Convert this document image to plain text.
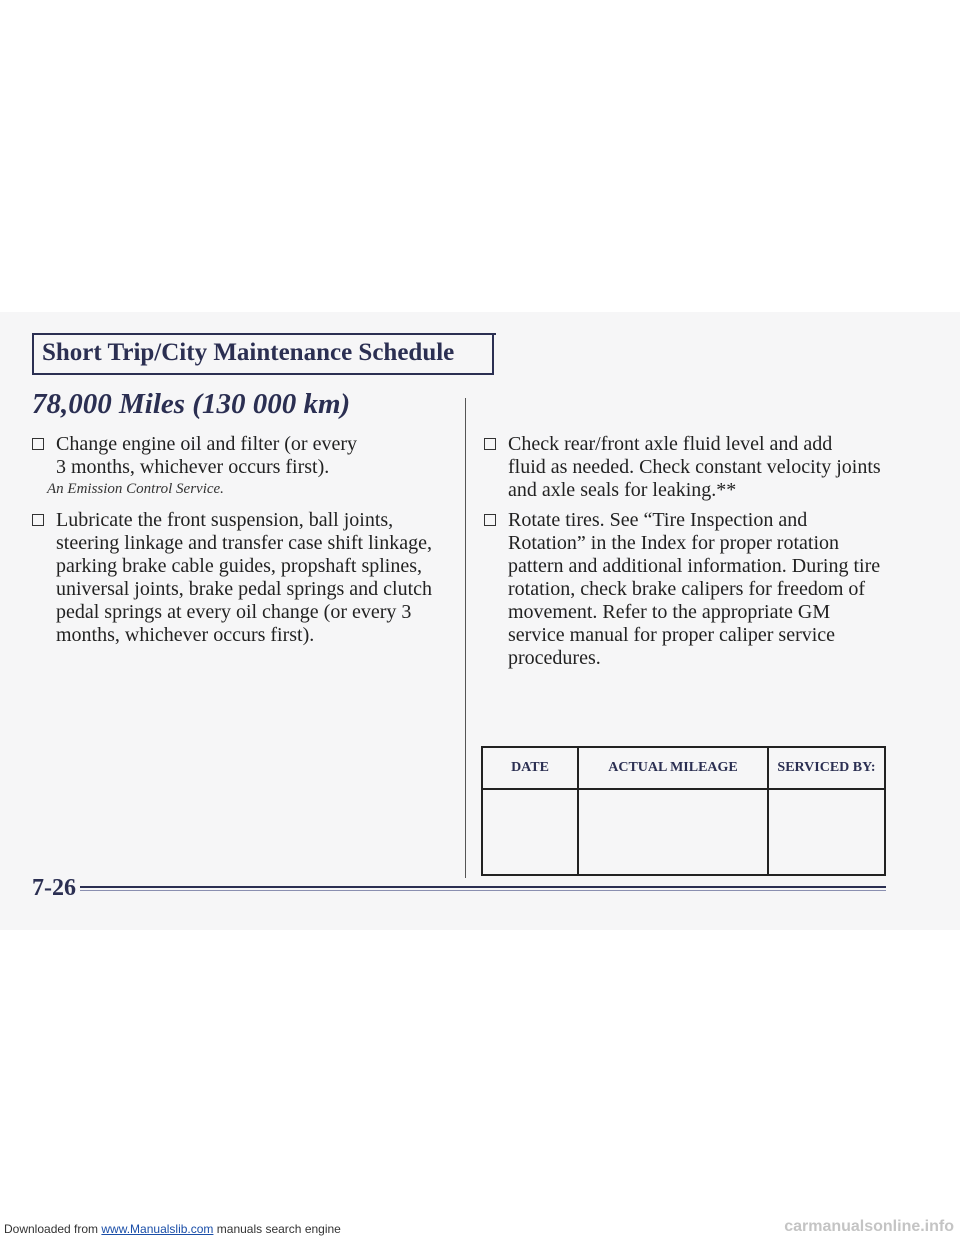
Short Trip/City Maintenance Schedule
78,000 Miles (130 000 km)
Change engine oil and filter (or every
3 months, whichever occurs first).
An Emission Control Service.
Lubricate the front suspension, ball joints,
steering linkage and transfer case shift linkage, parking brake cable guides, propshaft splines, universal joints, brake pedal springs and clutch pedal springs at every oil change (or every 3 months, whichever occurs first).
Check rear/front axle fluid level and add
fluid as needed. Check constant velocity joints and axle seals for leaking.**
Rotate tires. See “Tire Inspection and
Rotation” in the Index for proper rotation pattern and additional information. During tire rotation, check brake calipers for freedom of movement. Refer to the appropriate GM service manual for proper caliper service procedures.
DATE	ACTUAL MILEAGE	SERVICED BY:

7-26
Downloaded from www.Manualslib.com manuals search engine	carmanualsonline.info
